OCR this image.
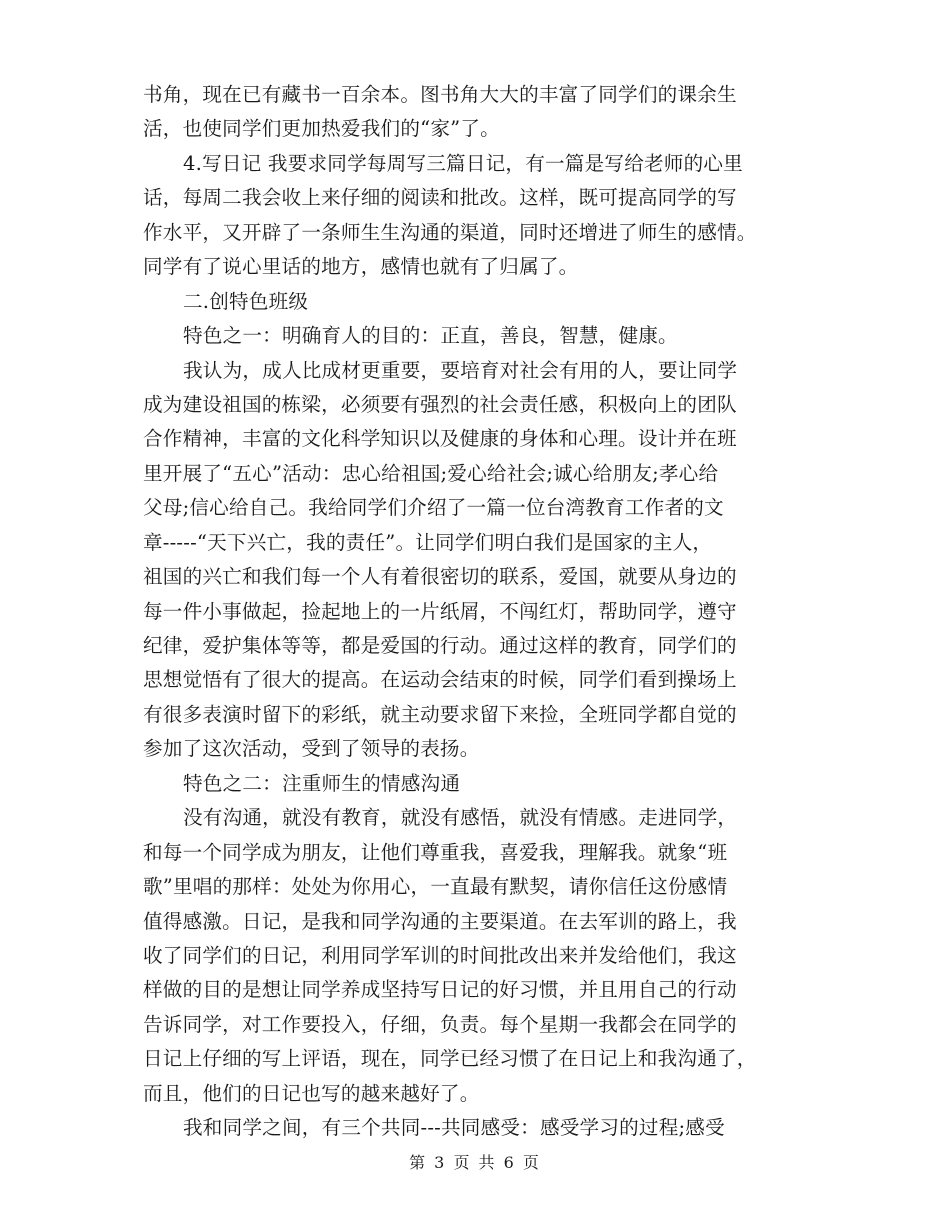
书角，现在已有藏书一百余本。图书角大大的丰富了同学们的课余生
活，也使同学们更加热爱我们的“家”了。
4.写日记 我要求同学每周写三篇日记，有一篇是写给老师的心里
话，每周二我会收上来仔细的阅读和批改。这样，既可提高同学的写
作水平，又开辟了一条师生生沟通的渠道，同时还增进了师生的感情。
同学有了说心里话的地方，感情也就有了归属了。
二.创特色班级
特色之一：明确育人的目的：正直，善良，智慧，健康。
我认为，成人比成材更重要，要培育对社会有用的人，要让同学
成为建设祖国的栋梁，必须要有强烈的社会责任感，积极向上的团队
合作精神，丰富的文化科学知识以及健康的身体和心理。设计并在班
里开展了“五心”活动：忠心给祖国;爱心给社会;诚心给朋友;孝心给
父母;信心给自己。我给同学们介绍了一篇一位台湾教育工作者的文
章-----“天下兴亡，我的责任”。让同学们明白我们是国家的主人，
祖国的兴亡和我们每一个人有着很密切的联系，爱国，就要从身边的
每一件小事做起，捡起地上的一片纸屑，不闯红灯，帮助同学，遵守
纪律，爱护集体等等，都是爱国的行动。通过这样的教育，同学们的
思想觉悟有了很大的提高。在运动会结束的时候，同学们看到操场上
有很多表演时留下的彩纸，就主动要求留下来捡，全班同学都自觉的
参加了这次活动，受到了领导的表扬。
特色之二：注重师生的情感沟通
没有沟通，就没有教育，就没有感悟，就没有情感。走进同学，
和每一个同学成为朋友，让他们尊重我，喜爱我，理解我。就象“班
歌”里唱的那样：处处为你用心，一直最有默契，请你信任这份感情
值得感激。日记，是我和同学沟通的主要渠道。在去军训的路上，我
收了同学们的日记，利用同学军训的时间批改出来并发给他们，我这
样做的目的是想让同学养成坚持写日记的好习惯，并且用自己的行动
告诉同学，对工作要投入，仔细，负责。每个星期一我都会在同学的
日记上仔细的写上评语，现在，同学已经习惯了在日记上和我沟通了，
而且，他们的日记也写的越来越好了。
我和同学之间，有三个共同---共同感受：感受学习的过程;感受
第 3 页 共 6 页
